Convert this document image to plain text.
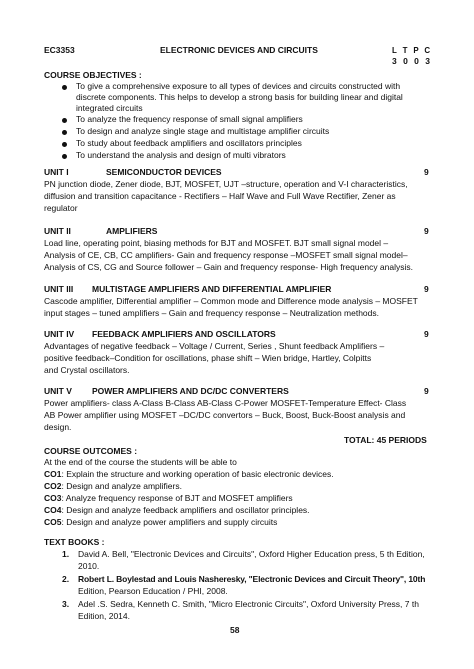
EC3353	ELECTRONIC DEVICES AND CIRCUITS	L T P C
3 0 0 3
COURSE OBJECTIVES :
To give a comprehensive exposure to all types of devices and circuits constructed with
discrete components. This helps to develop a strong basis for building linear and digital
integrated circuits
To analyze the frequency response of small signal amplifiers
To design and analyze single stage and multistage amplifier circuits
To study about feedback amplifiers and oscillators principles
To understand the analysis and design of multi vibrators
UNIT I	SEMICONDUCTOR DEVICES	9
PN junction diode, Zener diode, BJT, MOSFET, UJT –structure, operation and V-I characteristics,
diffusion and transition capacitance - Rectifiers – Half Wave and Full Wave Rectifier, Zener as
regulator
UNIT II	AMPLIFIERS	9
Load line, operating point, biasing methods for BJT and MOSFET. BJT small signal model –
Analysis of CE, CB, CC amplifiers- Gain and frequency response –MOSFET small signal model–
Analysis of CS, CG and Source follower – Gain and frequency response- High frequency analysis.
UNIT III MULTISTAGE AMPLIFIERS AND DIFFERENTIAL AMPLIFIER	9
Cascode amplifier, Differential amplifier – Common mode and Difference mode analysis – MOSFET
input stages – tuned amplifiers – Gain and frequency response – Neutralization methods.
UNIT IV FEEDBACK AMPLIFIERS AND OSCILLATORS	9
Advantages of negative feedback – Voltage / Current, Series , Shunt feedback Amplifiers –
positive feedback–Condition for oscillations, phase shift – Wien bridge, Hartley, Colpitts
and Crystal oscillators.
UNIT V POWER AMPLIFIERS AND DC/DC CONVERTERS	9
Power amplifiers- class A-Class B-Class AB-Class C-Power MOSFET-Temperature Effect- Class
AB Power amplifier using MOSFET –DC/DC convertors – Buck, Boost, Buck-Boost analysis and
design.
TOTAL: 45 PERIODS
COURSE OUTCOMES :
At the end of the course the students will be able to
CO1: Explain the structure and working operation of basic electronic devices.
CO2: Design and analyze amplifiers.
CO3: Analyze frequency response of BJT and MOSFET amplifiers
CO4: Design and analyze feedback amplifiers and oscillator principles.
CO5: Design and analyze power amplifiers and supply circuits
TEXT BOOKS :
1. David A. Bell, "Electronic Devices and Circuits", Oxford Higher Education press, 5 th Edition,
2010.
2. Robert L. Boylestad and Louis Nasheresky, "Electronic Devices and Circuit Theory", 10th
Edition, Pearson Education / PHI, 2008.
3. Adel .S. Sedra, Kenneth C. Smith, "Micro Electronic Circuits", Oxford University Press, 7 th
Edition, 2014.
58
